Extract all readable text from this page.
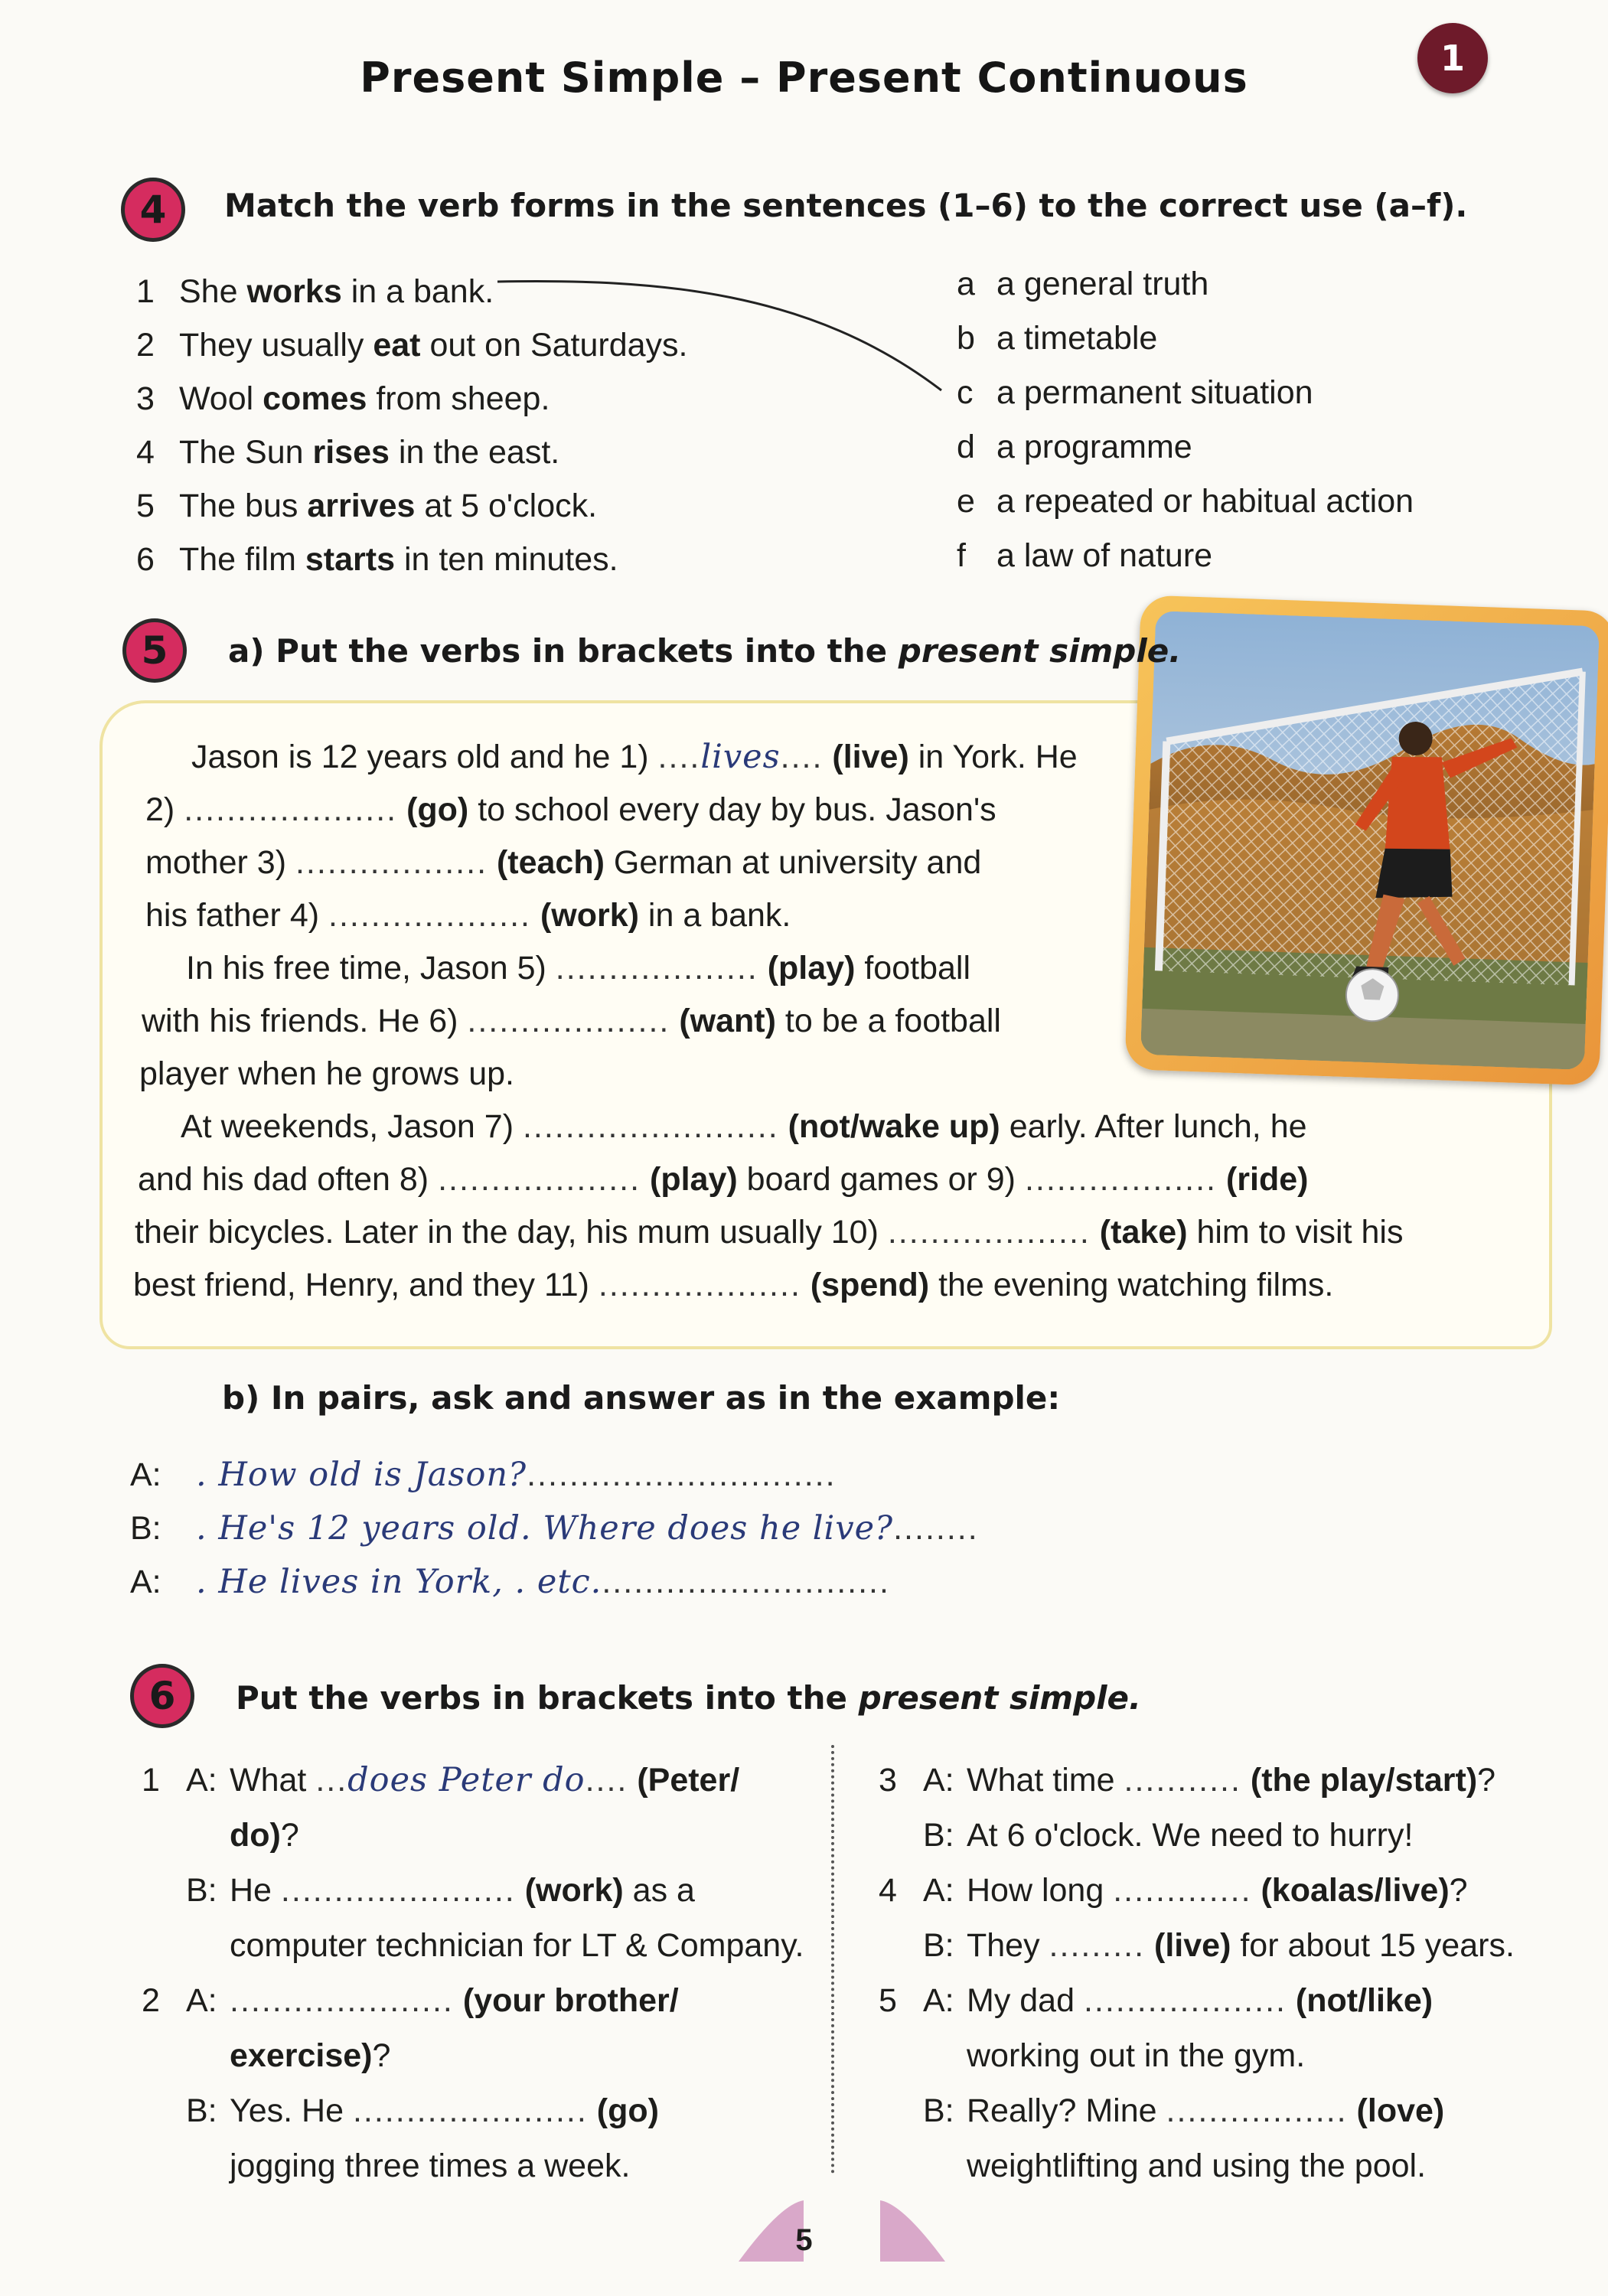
Present Simple – Present Continuous	1
4	Match the verb forms in the sentences (1–6) to the correct use (a–f).
1 She works in a bank.
2 They usually eat out on Saturdays.
3 Wool comes from sheep.
4 The Sun rises in the east.
5 The bus arrives at 5 o'clock.
6 The film starts in ten minutes.
a a general truth
b a timetable
c a permanent situation
d a programme
e a repeated or habitual action
f a law of nature
5	a) Put the verbs in brackets into the present simple.
Jason is 12 years old and he 1) ....lives.... (live) in York. He
2) .................... (go) to school every day by bus. Jason's
mother 3) .................. (teach) German at university and
his father 4) ................... (work) in a bank.
In his free time, Jason 5) ................... (play) football
with his friends. He 6) ................... (want) to be a football
player when he grows up.
At weekends, Jason 7) ........................ (not/wake up) early. After lunch, he
and his dad often 8) ................... (play) board games or 9) .................. (ride)
their bicycles. Later in the day, his mum usually 10) ................... (take) him to visit his
best friend, Henry, and they 11) ................... (spend) the evening watching films.
b) In pairs, ask and answer as in the example:
A: . How old is Jason?.............................
B: . He's 12 years old. Where does he live?........
A: . He lives in York, . etc............................
6	Put the verbs in brackets into the present simple.
1 A: What ...does Peter do.... (Peter/
do)?
B: He ...................... (work) as a
computer technician for LT & Company.
2 A: ..................... (your brother/
exercise)?
B: Yes. He ...................... (go)
jogging three times a week.
3 A: What time ........... (the play/start)?
B: At 6 o'clock. We need to hurry!
4 A: How long ............. (koalas/live)?
B: They ......... (live) for about 15 years.
5 A: My dad ................... (not/like)
working out in the gym.
B: Really? Mine ................. (love)
weightlifting and using the pool.
5
